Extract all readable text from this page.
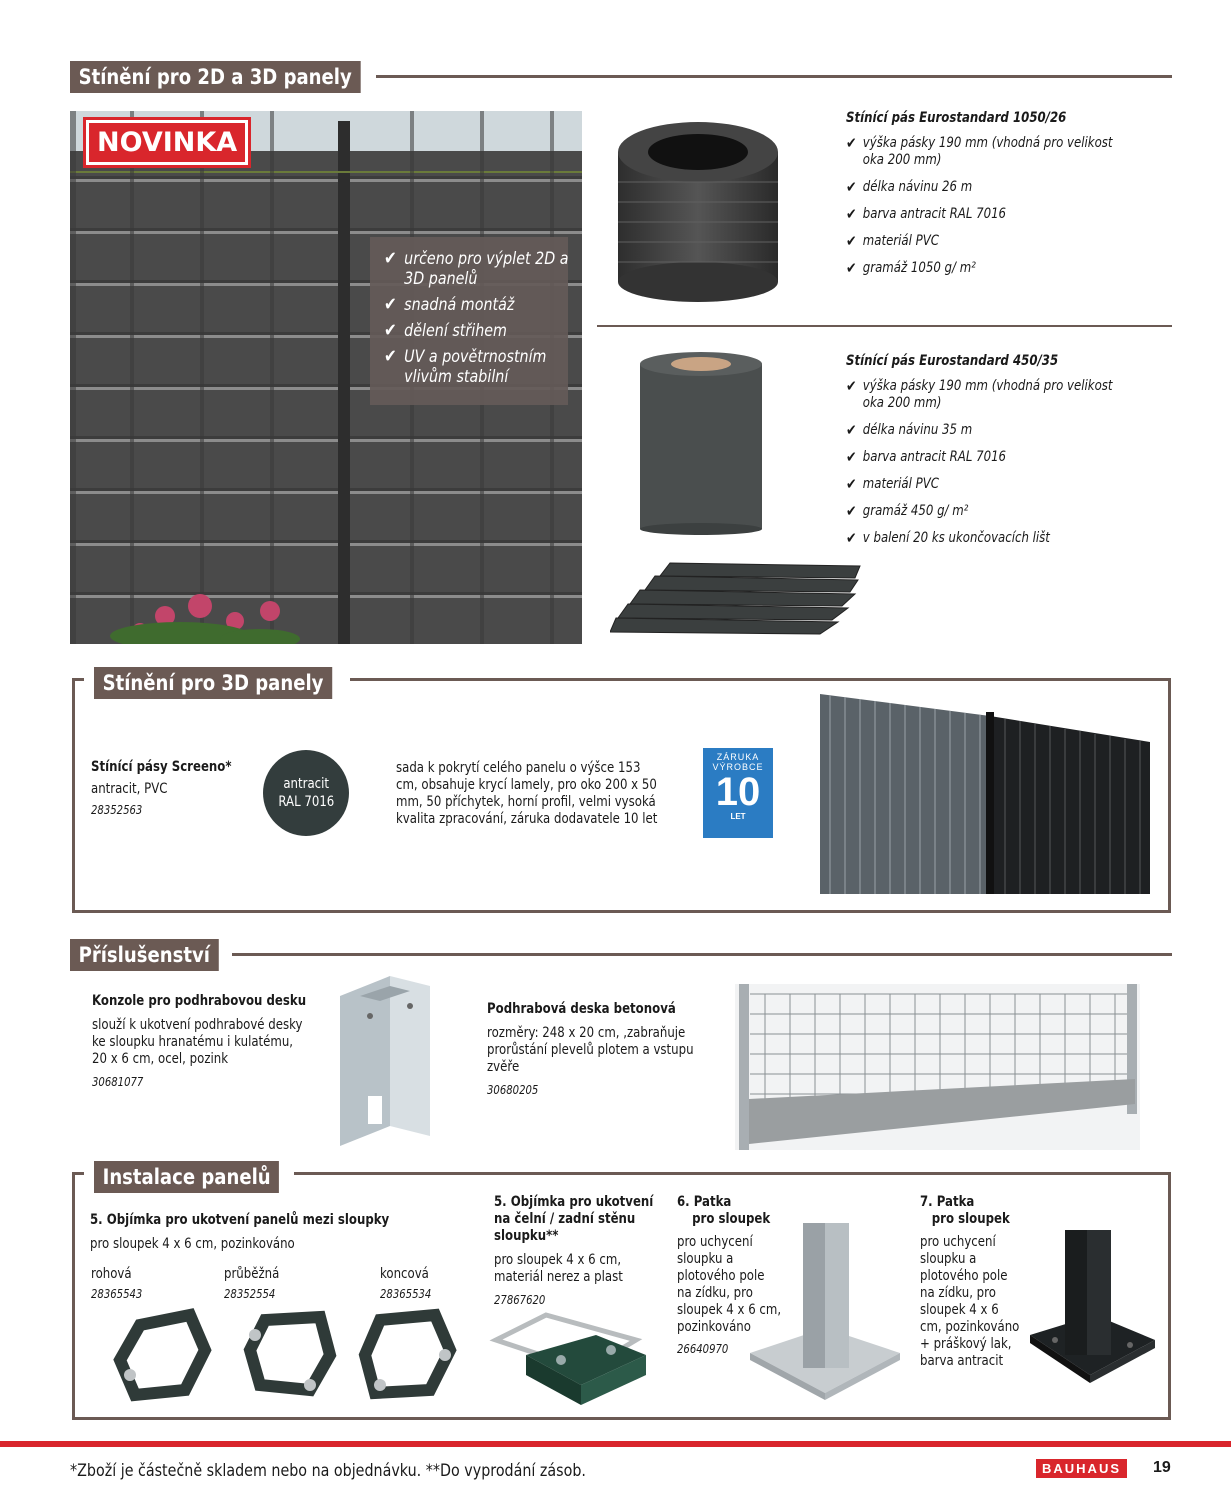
Stínění pro 2D a 3D panely
NOVINKA
✔ určeno pro výplet 2D a 3D panelů
✔ snadná montáž
✔ dělení střihem
✔ UV a povětrnostním vlivům stabilní
Stínící pás Eurostandard 1050/26
✔ výška pásky 190 mm (vhodná pro velikost oka 200 mm)
✔ délka návinu 26 m
✔ barva antracit RAL 7016
✔ materiál PVC
✔ gramáž 1050 g/ m²
Stínící pás Eurostandard 450/35
✔ výška pásky 190 mm (vhodná pro velikost oka 200 mm)
✔ délka návinu 35 m
✔ barva antracit RAL 7016
✔ materiál PVC
✔ gramáž 450 g/ m²
✔ v balení 20 ks ukončovacích lišt
Stínění pro 3D panely
Stínící pásy Screeno*
antracit, PVC
28352563
antracit
RAL 7016
sada k pokrytí celého panelu o výšce 153 cm, obsahuje krycí lamely, pro oko 200 x 50 mm, 50 příchytek, horní profil, velmi vysoká kvalita zpracování, záruka dodavatele 10 let
ZÁRUKA
VÝROBCE
10
LET
Příslušenství
Konzole pro podhrabovou desku
slouží k ukotvení podhrabové desky ke sloupku hranatému i kulatému, 20 x 6 cm, ocel, pozink
30681077
Podhrabová deska betonová
rozměry: 248 x 20 cm, ,zabraňuje prorůstání plevelů plotem a vstupu zvěře
30680205
Instalace panelů
5. Objímka pro ukotvení panelů mezi sloupky
pro sloupek 4 x 6 cm, pozinkováno
rohová
28365543
průběžná
28352554
koncová
28365534
5. Objímka pro ukotvení na čelní / zadní stěnu sloupku**
pro sloupek 4 x 6 cm, materiál nerez a plast
27867620
6. Patka
pro sloupek
pro uchycení sloupku a plotového pole na zídku, pro sloupek 4 x 6 cm, pozinkováno
26640970
7. Patka
pro sloupek
pro uchycení sloupku a plotového pole na zídku, pro sloupek 4 x 6 cm, pozinkováno + práškový lak, barva antracit
*Zboží je částečně skladem nebo na objednávku. **Do vyprodání zásob.	BAUHAUS	19
